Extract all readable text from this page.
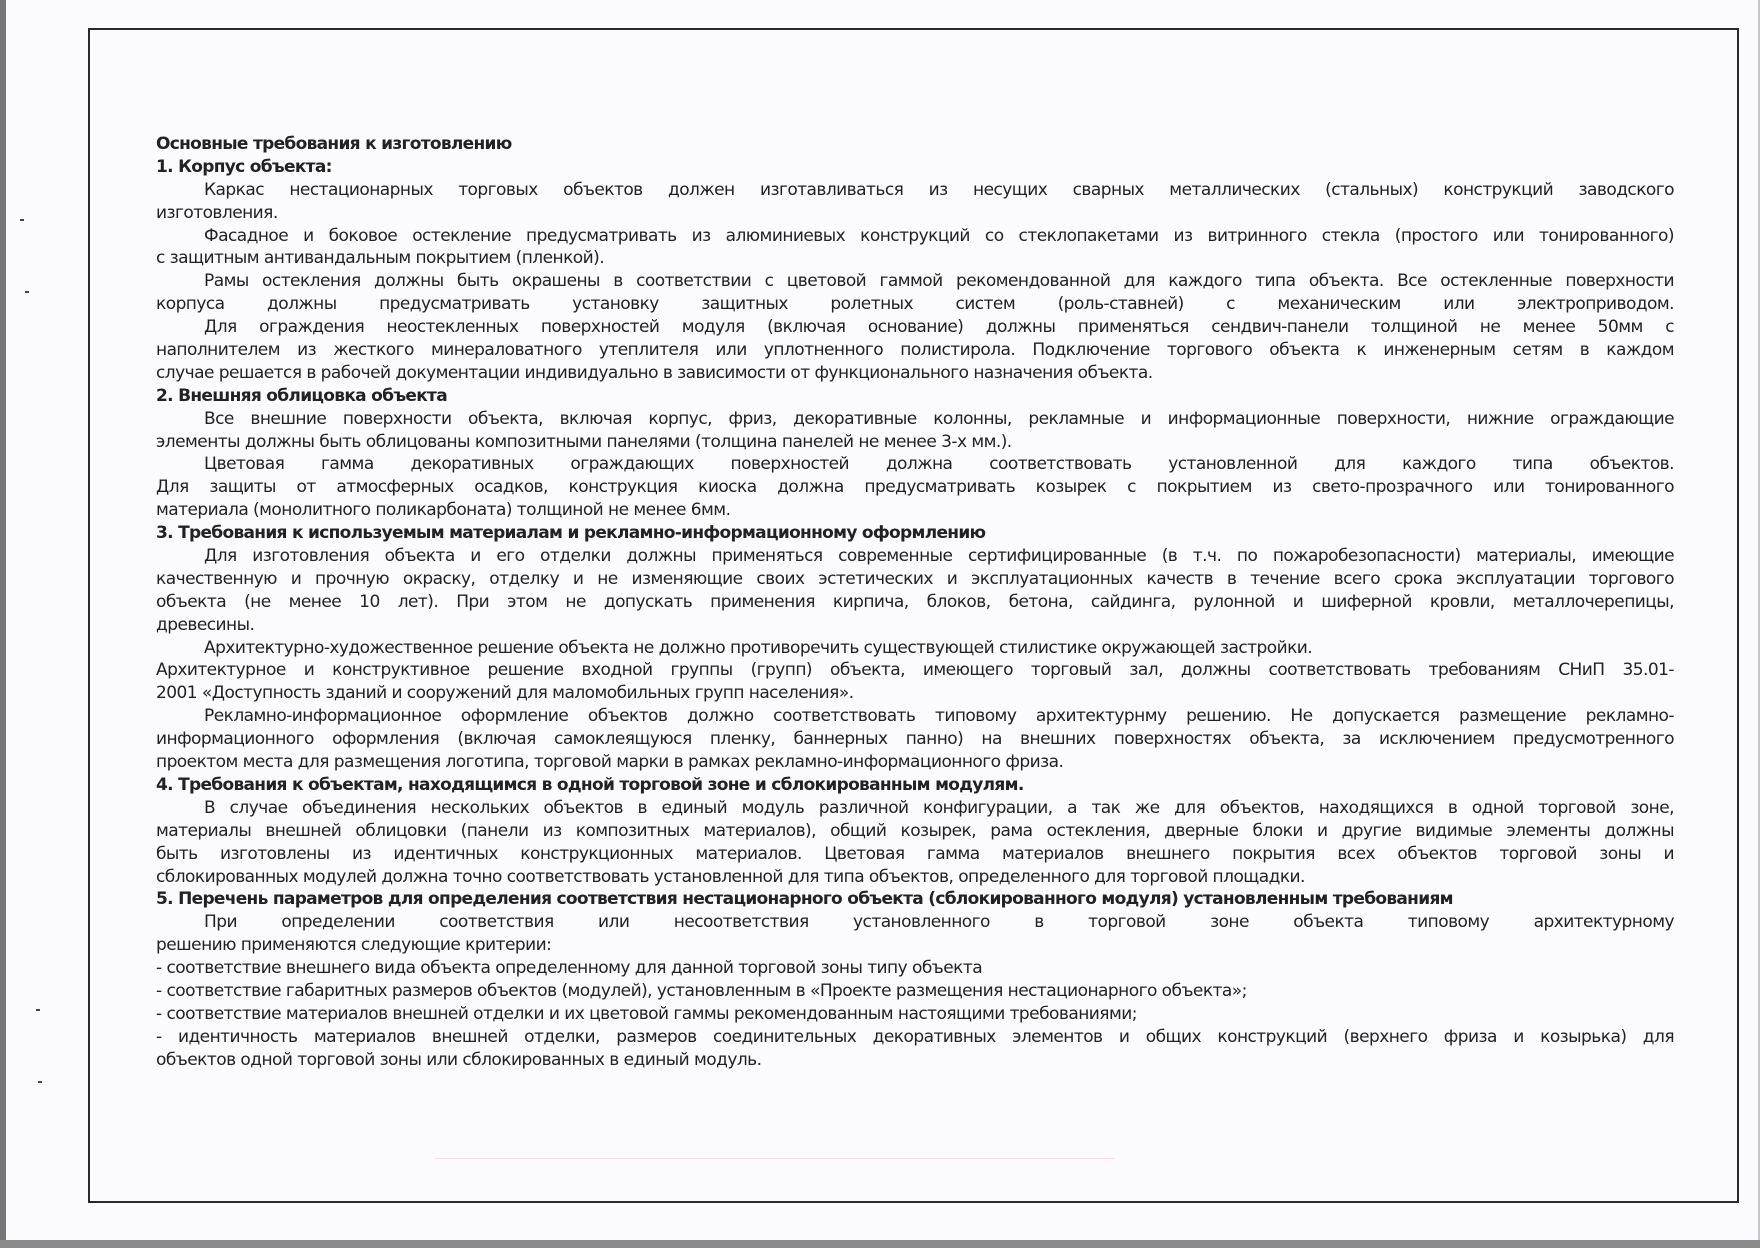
Основные требования к изготовлению
1. Корпус объекта:
Каркас нестационарных торговых объектов должен изготавливаться из несущих сварных металлических (стальных) конструкций заводского
изготовления.
Фасадное и боковое остекление предусматривать из алюминиевых конструкций со стеклопакетами из витринного стекла (простого или тонированного)
с защитным антивандальным покрытием (пленкой).
Рамы остекления должны быть окрашены в соответствии с цветовой гаммой рекомендованной для каждого типа объекта. Все остекленные поверхности
корпуса должны предусматривать установку защитных ролетных систем (роль-ставней) с механическим или электроприводом.
Для ограждения неостекленных поверхностей модуля (включая основание) должны применяться сендвич-панели толщиной не менее 50мм с
наполнителем из жесткого минераловатного утеплителя или уплотненного полистирола. Подключение торгового объекта к инженерным сетям в каждом
случае решается в рабочей документации индивидуально в зависимости от функционального назначения объекта.
2. Внешняя облицовка объекта
Все внешние поверхности объекта, включая корпус, фриз, декоративные колонны, рекламные и информационные поверхности, нижние ограждающие
элементы должны быть облицованы композитными панелями (толщина панелей не менее 3-х мм.).
Цветовая гамма декоративных ограждающих поверхностей должна соответствовать установленной для каждого типа объектов.
Для защиты от атмосферных осадков, конструкция киоска должна предусматривать козырек с покрытием из свето-прозрачного или тонированного
материала (монолитного поликарбоната) толщиной не менее 6мм.
3. Требования к используемым материалам и рекламно-информационному оформлению
Для изготовления объекта и его отделки должны применяться современные сертифицированные (в т.ч. по пожаробезопасности) материалы, имеющие
качественную и прочную окраску, отделку и не изменяющие своих эстетических и эксплуатационных качеств в течение всего срока эксплуатации торгового
объекта (не менее 10 лет). При этом не допускать применения кирпича, блоков, бетона, сайдинга, рулонной и шиферной кровли, металлочерепицы,
древесины.
Архитектурно-художественное решение объекта не должно противоречить существующей стилистике окружающей застройки.
Архитектурное и конструктивное решение входной группы (групп) объекта, имеющего торговый зал, должны соответствовать требованиям СНиП 35.01-
2001 «Доступность зданий и сооружений для маломобильных групп населения».
Рекламно-информационное оформление объектов должно соответствовать типовому архитектурнму решению. Не допускается размещение рекламно-
информационного оформления (включая самоклеящуюся пленку, баннерных панно) на внешних поверхностях объекта, за исключением предусмотренного
проектом места для размещения логотипа, торговой марки в рамках рекламно-информационного фриза.
4. Требования к объектам, находящимся в одной торговой зоне и сблокированным модулям.
В случае объединения нескольких объектов в единый модуль различной конфигурации, а так же для объектов, находящихся в одной торговой зоне,
материалы внешней облицовки (панели из композитных материалов), общий козырек, рама остекления, дверные блоки и другие видимые элементы должны
быть изготовлены из идентичных конструкционных материалов. Цветовая гамма материалов внешнего покрытия всех объектов торговой зоны и
сблокированных модулей должна точно соответствовать установленной для типа объектов, определенного для торговой площадки.
5. Перечень параметров для определения соответствия нестационарного объекта (сблокированного модуля) установленным требованиям
При определении соответствия или несоответствия установленного в торговой зоне объекта типовому архитектурному
решению применяются следующие критерии:
- соответствие внешнего вида объекта определенному для данной торговой зоны типу объекта
- соответствие габаритных размеров объектов (модулей), установленным в «Проекте размещения нестационарного объекта»;
- соответствие материалов внешней отделки и их цветовой гаммы рекомендованным настоящими требованиями;
- идентичность материалов внешней отделки, размеров соединительных декоративных элементов и общих конструкций (верхнего фриза и козырька) для
объектов одной торговой зоны или сблокированных в единый модуль.
